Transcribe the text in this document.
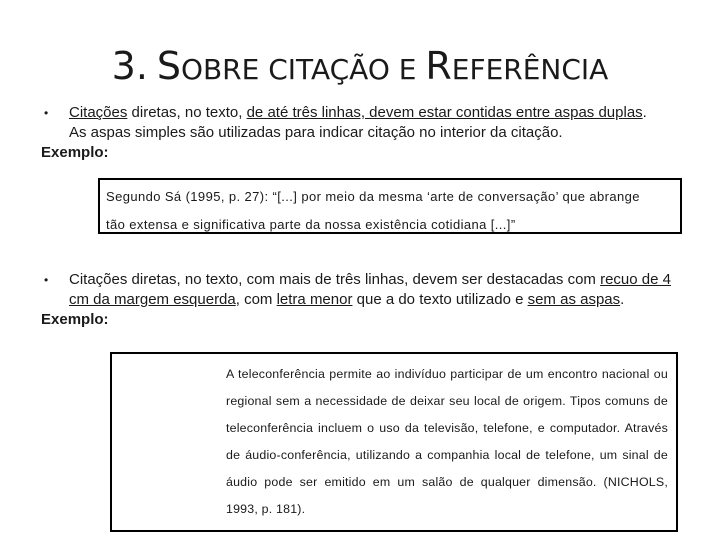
3. SOBRE CITAÇÃO E REFERÊNCIA
• Citações diretas, no texto, de até três linhas, devem estar contidas entre aspas duplas.
As aspas simples são utilizadas para indicar citação no interior da citação.
Exemplo:
Segundo Sá (1995, p. 27): “[...] por meio da mesma ‘arte de conversação’ que abrange
tão extensa e significativa parte da nossa existência cotidiana [...]”
• Citações diretas, no texto, com mais de três linhas, devem ser destacadas com recuo de 4 cm da margem esquerda, com letra menor que a do texto utilizado e sem as aspas.
Exemplo:
A teleconferência permite ao indivíduo participar de um encontro nacional ou regional sem a necessidade de deixar seu local de origem. Tipos comuns de teleconferência incluem o uso da televisão, telefone, e computador. Através de áudio-conferência, utilizando a companhia local de telefone, um sinal de áudio pode ser emitido em um salão de qualquer dimensão. (NICHOLS, 1993, p. 181).
